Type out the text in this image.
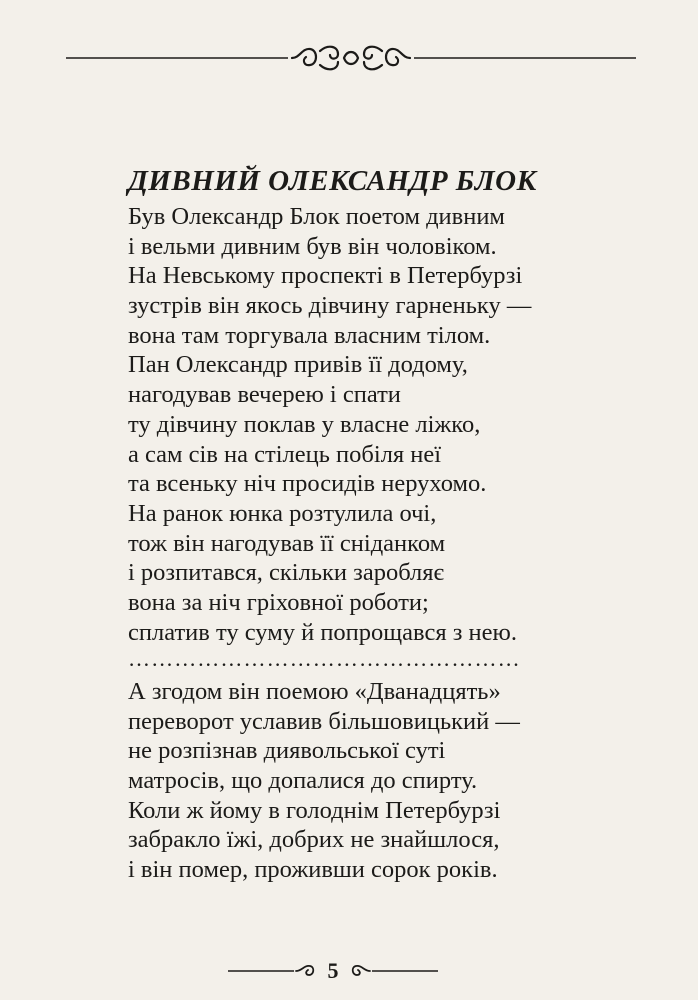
ДИВНИЙ ОЛЕКСАНДР БЛОК
Був Олександр Блок поетом дивним
і вельми дивним був він чоловіком.
На Невському проспекті в Петербурзі
зустрів він якось дівчину гарненьку —
вона там торгувала власним тілом.
Пан Олександр привів її додому,
нагодував вечерею і спати
ту дівчину поклав у власне ліжко,
а сам сів на стілець побіля неї
та всеньку ніч просидів нерухомо.
На ранок юнка розтулила очі,
тож він нагодував її сніданком
і розпитався, скільки заробляє
вона за ніч гріховної роботи;
сплатив ту суму й попрощався з нею.
……………………………………………
А згодом він поемою «Дванадцять»
переворот уславив більшовицький —
не розпізнав диявольської суті
матросів, що допалися до спирту.
Коли ж йому в голоднім Петербурзі
забракло їжі, добрих не знайшлося,
і він помер, проживши сорок років.
5
